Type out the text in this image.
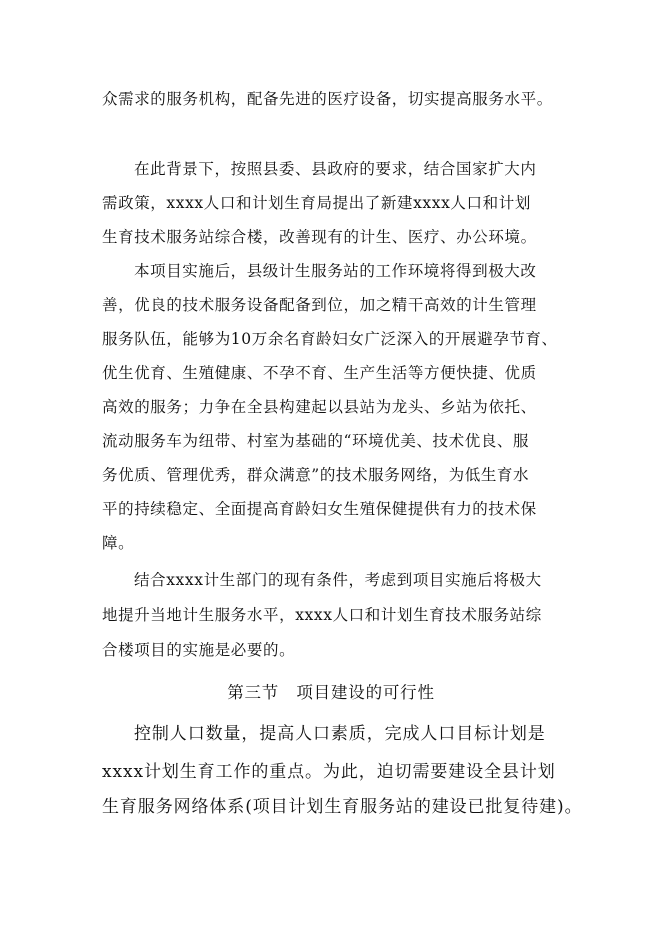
众需求的服务机构，配备先进的医疗设备，切实提高服务水平。
在此背景下，按照县委、县政府的要求，结合国家扩大内
需政策，xxxx人口和计划生育局提出了新建xxxx人口和计划
生育技术服务站综合楼，改善现有的计生、医疗、办公环境。
本项目实施后，县级计生服务站的工作环境将得到极大改
善，优良的技术服务设备配备到位，加之精干高效的计生管理
服务队伍，能够为10万余名育龄妇女广泛深入的开展避孕节育、
优生优育、生殖健康、不孕不育、生产生活等方便快捷、优质
高效的服务；力争在全县构建起以县站为龙头、乡站为依托、
流动服务车为纽带、村室为基础的“环境优美、技术优良、服
务优质、管理优秀，群众满意”的技术服务网络，为低生育水
平的持续稳定、全面提高育龄妇女生殖保健提供有力的技术保
障。
结合xxxx计生部门的现有条件，考虑到项目实施后将极大
地提升当地计生服务水平，xxxx人口和计划生育技术服务站综
合楼项目的实施是必要的。
第三节　项目建设的可行性
控制人口数量，提高人口素质，完成人口目标计划是
xxxx计划生育工作的重点。为此，迫切需要建设全县计划
生育服务网络体系(项目计划生育服务站的建设已批复待建)。
